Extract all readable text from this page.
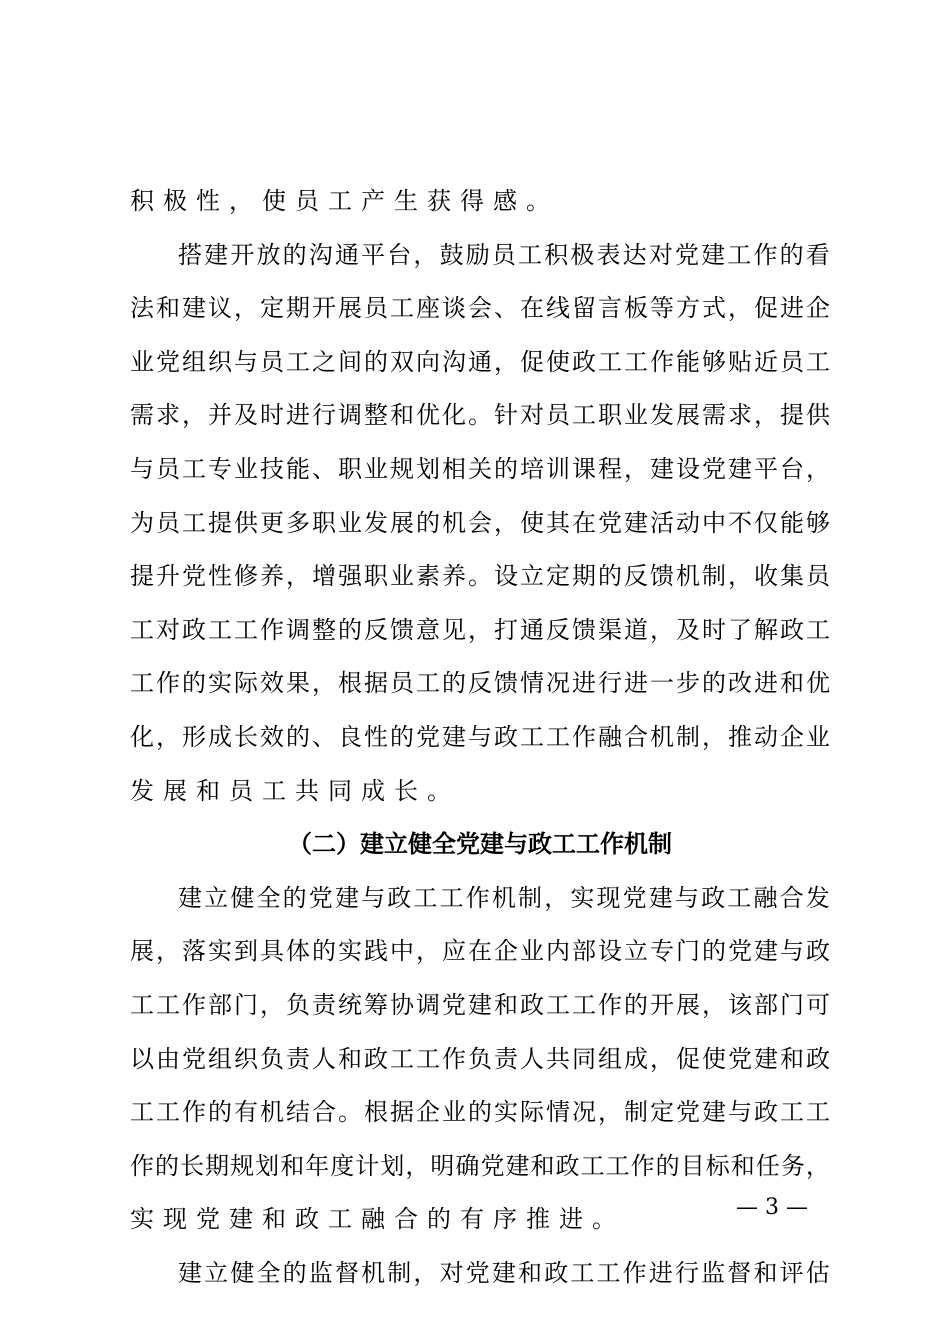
积极性，使员工产生获得感。
搭 建 开 放 的 沟 通 平 台 ， 鼓 励 员 工 积 极 表 达 对 党 建 工 作 的 看
法 和 建 议 ， 定 期 开 展 员 工 座 谈 会 、 在 线 留 言 板 等 方 式 ， 促 进 企
业 党 组 织 与 员 工 之 间 的 双 向 沟 通 ， 促 使 政 工 工 作 能 够 贴 近 员 工
需 求 ， 并 及 时 进 行 调 整 和 优 化 。 针 对 员 工 职 业 发 展 需 求 ， 提 供
与 员 工 专 业 技 能 、 职 业 规 划 相 关 的 培 训 课 程 ， 建 设 党 建 平 台 ，
为 员 工 提 供 更 多 职 业 发 展 的 机 会 ， 使 其 在 党 建 活 动 中 不 仅 能 够
提 升 党 性 修 养 ， 增 强 职 业 素 养 。 设 立 定 期 的 反 馈 机 制 ， 收 集 员
工 对 政 工 工 作 调 整 的 反 馈 意 见 ， 打 通 反 馈 渠 道 ， 及 时 了 解 政 工
工 作 的 实 际 效 果 ， 根 据 员 工 的 反 馈 情 况 进 行 进 一 步 的 改 进 和 优
化 ， 形 成 长 效 的 、 良 性 的 党 建 与 政 工 工 作 融 合 机 制 ， 推 动 企 业
发展和员工共同成长。
（二）建立健全党建与政工工作机制
建 立 健 全 的 党 建 与 政 工 工 作 机 制 ， 实 现 党 建 与 政 工 融 合 发
展 ， 落 实 到 具 体 的 实 践 中 ， 应 在 企 业 内 部 设 立 专 门 的 党 建 与 政
工 工 作 部 门 ， 负 责 统 筹 协 调 党 建 和 政 工 工 作 的 开 展 ， 该 部 门 可
以 由 党 组 织 负 责 人 和 政 工 工 作 负 责 人 共 同 组 成 ， 促 使 党 建 和 政
工 工 作 的 有 机 结 合 。 根 据 企 业 的 实 际 情 况 ， 制 定 党 建 与 政 工 工
作 的 长 期 规 划 和 年 度 计 划 ， 明 确 党 建 和 政 工 工 作 的 目 标 和 任 务 ，
实现党建和政工融合的有序推进。
建 立 健 全 的 监 督 机 制 ， 对 党 建 和 政 工 工 作 进 行 监 督 和 评 估
— 3 —
